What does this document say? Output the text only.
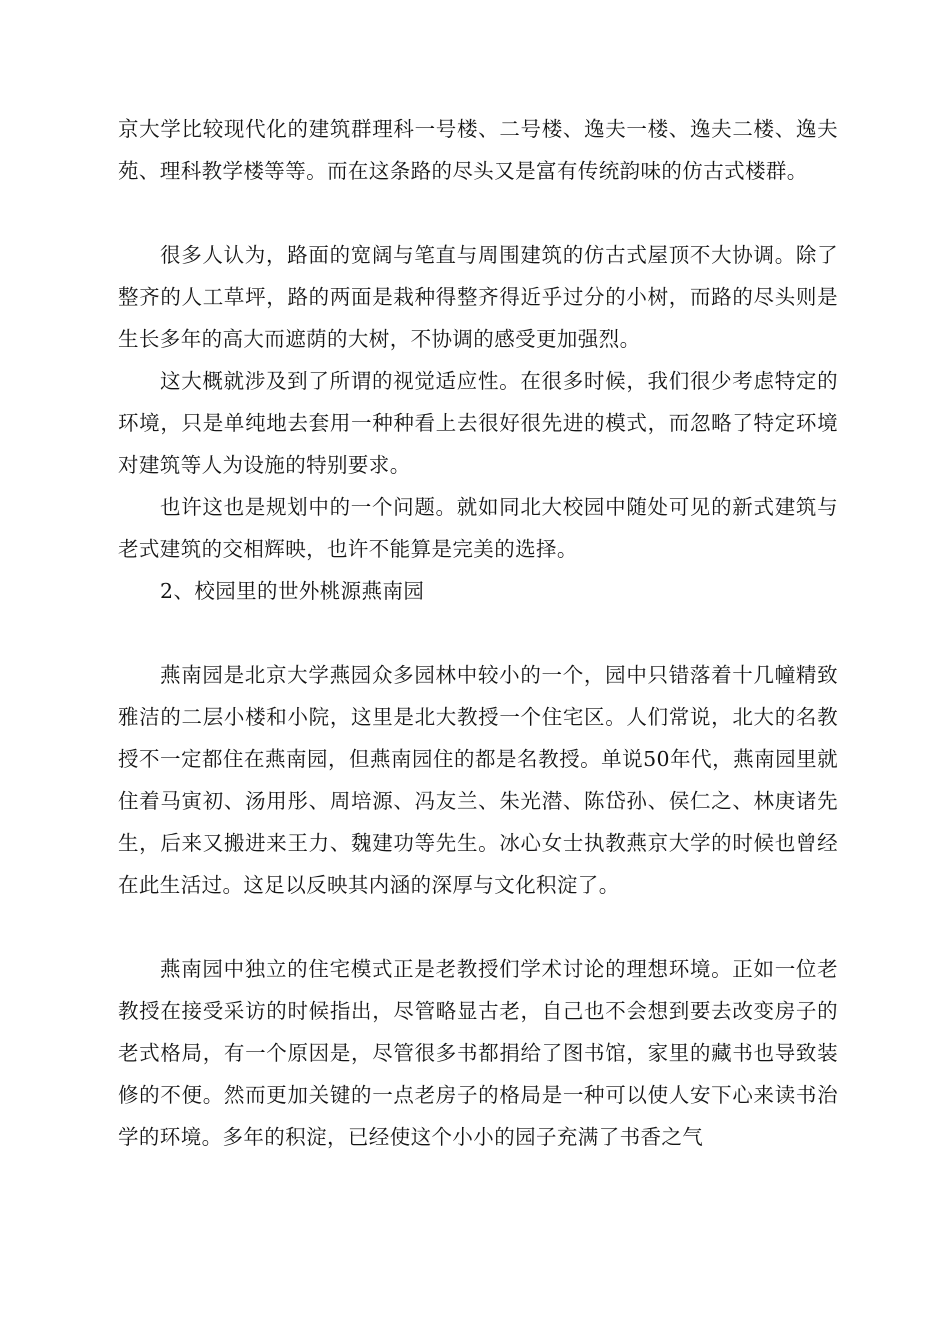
京大学比较现代化的建筑群理科一号楼、二号楼、逸夫一楼、逸夫二楼、逸夫苑、理科教学楼等等。而在这条路的尽头又是富有传统韵味的仿古式楼群。

很多人认为，路面的宽阔与笔直与周围建筑的仿古式屋顶不大协调。除了整齐的人工草坪，路的两面是栽种得整齐得近乎过分的小树，而路的尽头则是生长多年的高大而遮荫的大树，不协调的感受更加强烈。

这大概就涉及到了所谓的视觉适应性。在很多时候，我们很少考虑特定的环境，只是单纯地去套用一种种看上去很好很先进的模式，而忽略了特定环境对建筑等人为设施的特别要求。

也许这也是规划中的一个问题。就如同北大校园中随处可见的新式建筑与老式建筑的交相辉映，也许不能算是完美的选择。

2、校园里的世外桃源燕南园

燕南园是北京大学燕园众多园林中较小的一个，园中只错落着十几幢精致雅洁的二层小楼和小院，这里是北大教授一个住宅区。人们常说，北大的名教授不一定都住在燕南园，但燕南园住的都是名教授。单说50年代，燕南园里就住着马寅初、汤用彤、周培源、冯友兰、朱光潜、陈岱孙、侯仁之、林庚诸先生，后来又搬进来王力、魏建功等先生。冰心女士执教燕京大学的时候也曾经在此生活过。这足以反映其内涵的深厚与文化积淀了。

燕南园中独立的住宅模式正是老教授们学术讨论的理想环境。正如一位老教授在接受采访的时候指出，尽管略显古老，自己也不会想到要去改变房子的老式格局，有一个原因是，尽管很多书都捐给了图书馆，家里的藏书也导致装修的不便。然而更加关键的一点老房子的格局是一种可以使人安下心来读书治学的环境。多年的积淀，已经使这个小小的园子充满了书香之气
